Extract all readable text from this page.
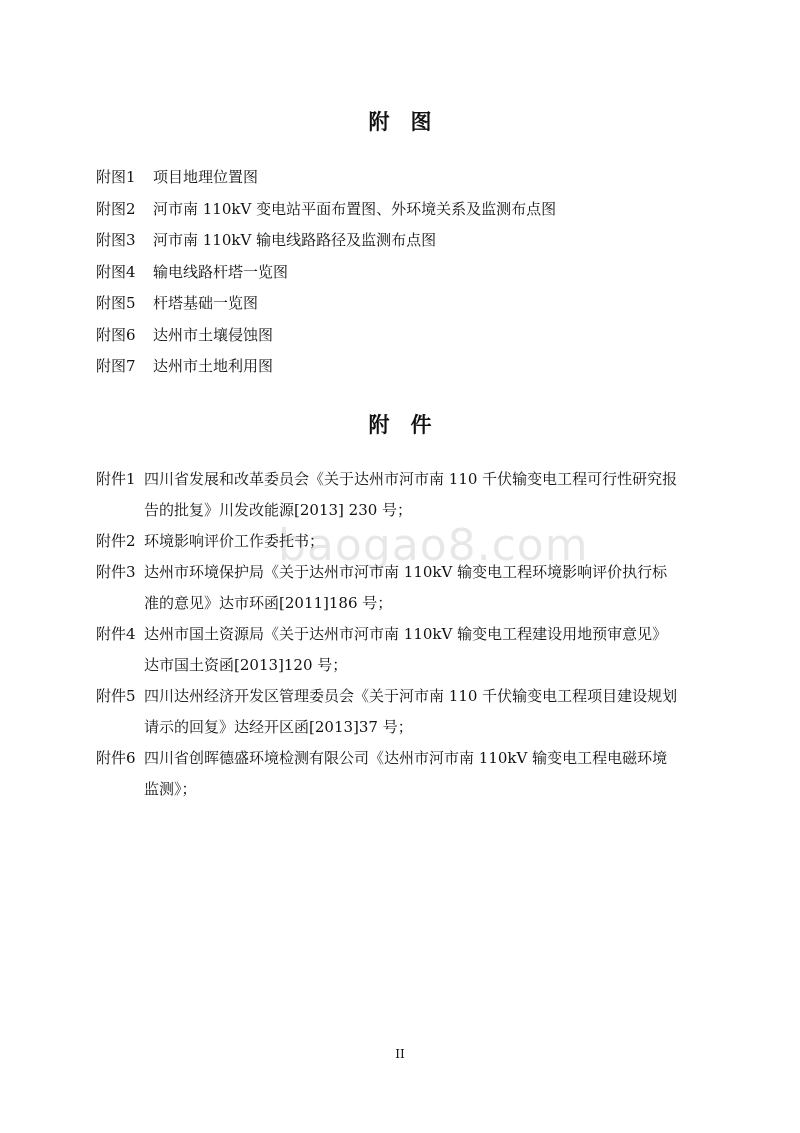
附　图
附图1 项目地理位置图
附图2 河市南 110kV 变电站平面布置图、外环境关系及监测布点图
附图3 河市南 110kV 输电线路路径及监测布点图
附图4 输电线路杆塔一览图
附图5 杆塔基础一览图
附图6 达州市土壤侵蚀图
附图7 达州市土地利用图
附　件
附件1 四川省发展和改革委员会《关于达州市河市南 110 千伏输变电工程可行性研究报
告的批复》川发改能源[2013] 230 号；
附件2 环境影响评价工作委托书；
附件3 达州市环境保护局《关于达州市河市南 110kV 输变电工程环境影响评价执行标
准的意见》达市环函[2011]186 号；
附件4 达州市国土资源局《关于达州市河市南 110kV 输变电工程建设用地预审意见》
达市国土资函[2013]120 号；
附件5 四川达州经济开发区管理委员会《关于河市南 110 千伏输变电工程项目建设规划
请示的回复》达经开区函[2013]37 号；
附件6 四川省创晖德盛环境检测有限公司《达州市河市南 110kV 输变电工程电磁环境
监测》；
baogao8.com
II
